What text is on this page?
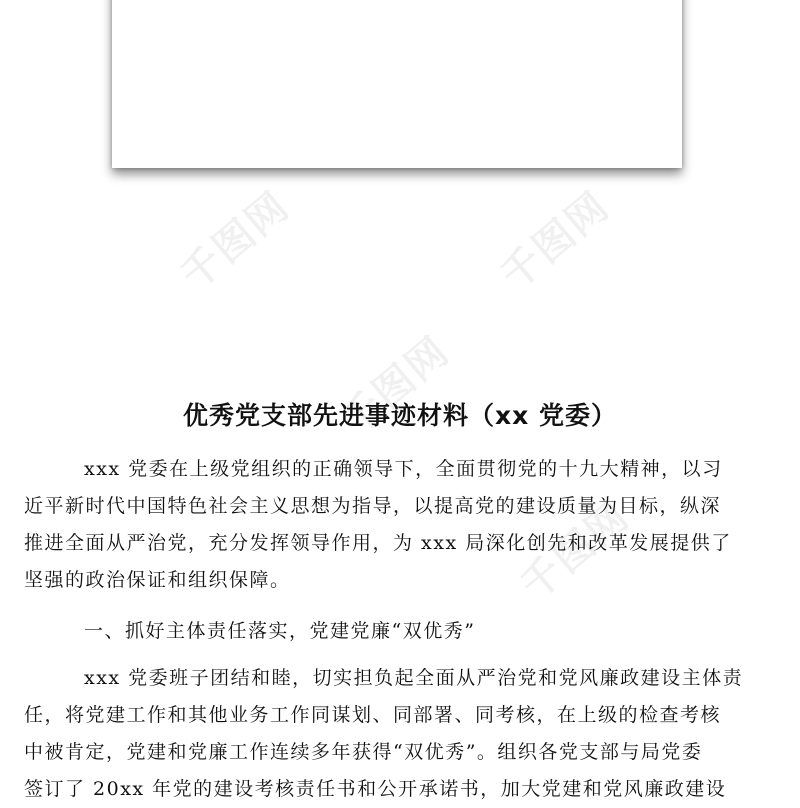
千图网	千图网
千图网
千图网
优秀党支部先进事迹材料（xx 党委）
xxx 党委在上级党组织的正确领导下，全面贯彻党的十九大精神，以习
近平新时代中国特色社会主义思想为指导，以提高党的建设质量为目标，纵深
推进全面从严治党，充分发挥领导作用，为 xxx 局深化创先和改革发展提供了
坚强的政治保证和组织保障。
一、抓好主体责任落实，党建党廉“双优秀”
xxx 党委班子团结和睦，切实担负起全面从严治党和党风廉政建设主体责
任，将党建工作和其他业务工作同谋划、同部署、同考核，在上级的检查考核
中被肯定，党建和党廉工作连续多年获得“双优秀”。组织各党支部与局党委
签订了 20xx 年党的建设考核责任书和公开承诺书，加大党建和党风廉政建设
